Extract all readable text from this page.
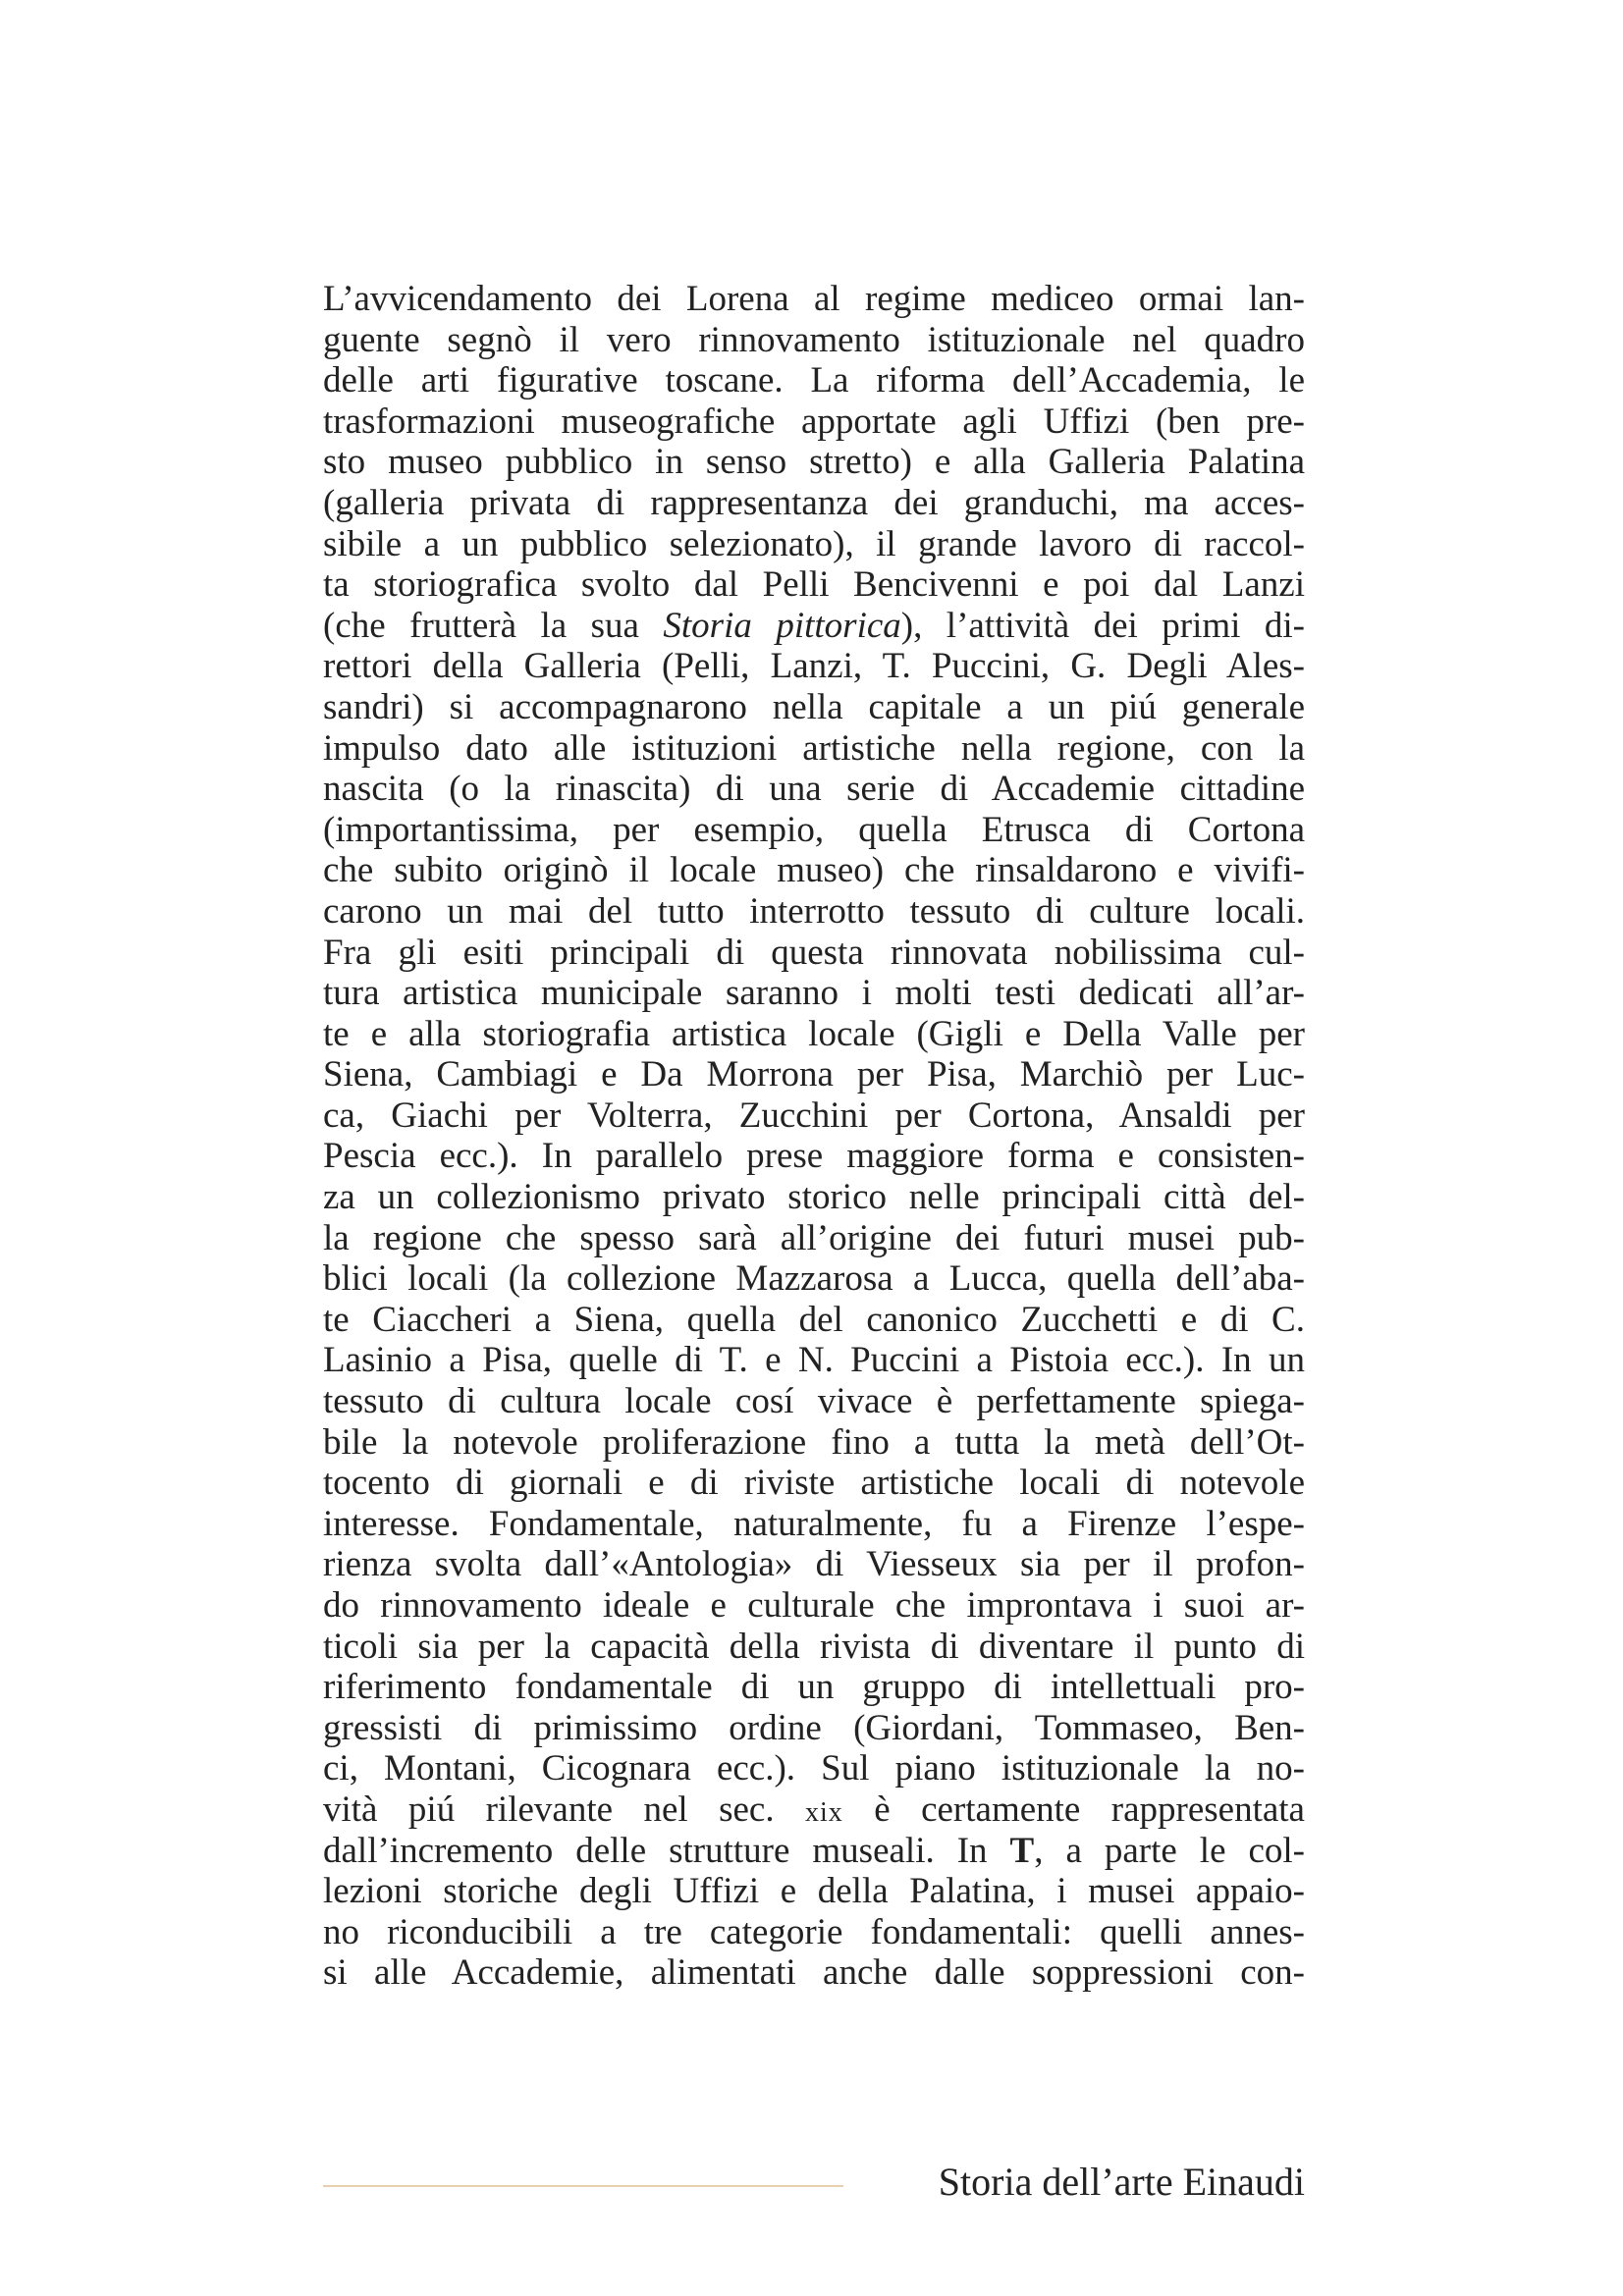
L’avvicendamento dei Lorena al regime mediceo ormai lan-
guente segnò il vero rinnovamento istituzionale nel quadro
delle arti figurative toscane. La riforma dell’Accademia, le
trasformazioni museografiche apportate agli Uffizi (ben pre-
sto museo pubblico in senso stretto) e alla Galleria Palatina
(galleria privata di rappresentanza dei granduchi, ma acces-
sibile a un pubblico selezionato), il grande lavoro di raccol-
ta storiografica svolto dal Pelli Bencivenni e poi dal Lanzi
(che frutterà la sua Storia pittorica), l’attività dei primi di-
rettori della Galleria (Pelli, Lanzi, T. Puccini, G. Degli Ales-
sandri) si accompagnarono nella capitale a un piú generale
impulso dato alle istituzioni artistiche nella regione, con la
nascita (o la rinascita) di una serie di Accademie cittadine
(importantissima, per esempio, quella Etrusca di Cortona
che subito originò il locale museo) che rinsaldarono e vivifi-
carono un mai del tutto interrotto tessuto di culture locali.
Fra gli esiti principali di questa rinnovata nobilissima cul-
tura artistica municipale saranno i molti testi dedicati all’ar-
te e alla storiografia artistica locale (Gigli e Della Valle per
Siena, Cambiagi e Da Morrona per Pisa, Marchiò per Luc-
ca, Giachi per Volterra, Zucchini per Cortona, Ansaldi per
Pescia ecc.). In parallelo prese maggiore forma e consisten-
za un collezionismo privato storico nelle principali città del-
la regione che spesso sarà all’origine dei futuri musei pub-
blici locali (la collezione Mazzarosa a Lucca, quella dell’aba-
te Ciaccheri a Siena, quella del canonico Zucchetti e di C.
Lasinio a Pisa, quelle di T. e N. Puccini a Pistoia ecc.). In un
tessuto di cultura locale cosí vivace è perfettamente spiega-
bile la notevole proliferazione fino a tutta la metà dell’Ot-
tocento di giornali e di riviste artistiche locali di notevole
interesse. Fondamentale, naturalmente, fu a Firenze l’espe-
rienza svolta dall’«Antologia» di Viesseux sia per il profon-
do rinnovamento ideale e culturale che improntava i suoi ar-
ticoli sia per la capacità della rivista di diventare il punto di
riferimento fondamentale di un gruppo di intellettuali pro-
gressisti di primissimo ordine (Giordani, Tommaseo, Ben-
ci, Montani, Cicognara ecc.). Sul piano istituzionale la no-
vità piú rilevante nel sec. xix è certamente rappresentata
dall’incremento delle strutture museali. In T, a parte le col-
lezioni storiche degli Uffizi e della Palatina, i musei appaio-
no riconducibili a tre categorie fondamentali: quelli annes-
si alle Accademie, alimentati anche dalle soppressioni con-
Storia dell’arte Einaudi
